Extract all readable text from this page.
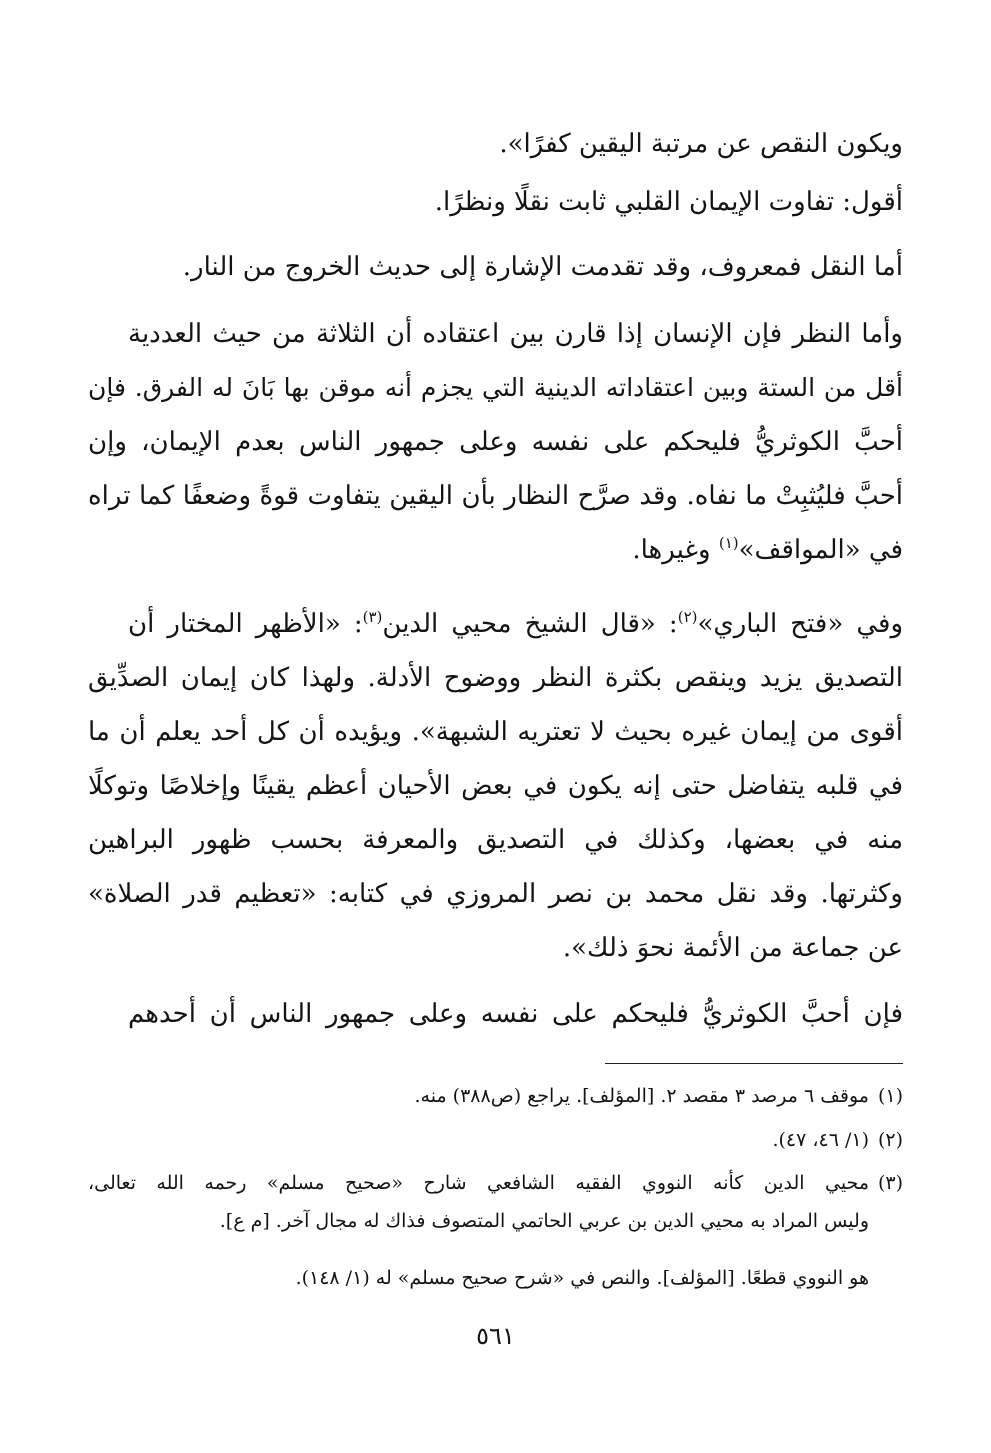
ويكون النقص عن مرتبة اليقين كفرًا».

أقول: تفاوت الإيمان القلبي ثابت نقلًا ونظرًا.

أما النقل فمعروف، وقد تقدمت الإشارة إلى حديث الخروج من النار.

وأما النظر فإن الإنسان إذا قارن بين اعتقاده أن الثلاثة من حيث العددية

أقل من الستة وبين اعتقاداته الدينية التي يجزم أنه موقن بها بَانَ له الفرق. فإن

أحبَّ الكوثريُّ فليحكم على نفسه وعلى جمهور الناس بعدم الإيمان، وإن

أحبَّ فليُثبِتْ ما نفاه. وقد صرَّح النظار بأن اليقين يتفاوت قوةً وضعفًا كما تراه

في «المواقف»$^{(١)}$ وغيرها.

وفي «فتح الباري»$^{(٢)}$: «قال الشيخ محيي الدين$^{(٣)}$: «الأظهر المختار أن

التصديق يزيد وينقص بكثرة النظر ووضوح الأدلة. ولهذا كان إيمان الصدِّيق

أقوى من إيمان غيره بحيث لا تعتريه الشبهة». ويؤيده أن كل أحد يعلم أن ما

في قلبه يتفاضل حتى إنه يكون في بعض الأحيان أعظم يقينًا وإخلاصًا وتوكلًا

منه في بعضها، وكذلك في التصديق والمعرفة بحسب ظهور البراهين

وكثرتها. وقد نقل محمد بن نصر المروزي في كتابه: «تعظيم قدر الصلاة»

عن جماعة من الأئمة نحوَ ذلك».

فإن أحبَّ الكوثريُّ فليحكم على نفسه وعلى جمهور الناس أن أحدهم

(١)موقف ٦ مرصد ٣ مقصد ٢. [المؤلف]. يراجع (ص٣٨٨) منه.

(٢)(١/ ٤٦، ٤٧).

(٣)محيي الدين كأنه النووي الفقيه الشافعي شارح «صحيح مسلم» رحمه الله تعالى،

وليس المراد به محيي الدين بن عربي الحاتمي المتصوف فذاك له مجال آخر. [م ع].

هو النووي قطعًا. [المؤلف]. والنص في «شرح صحيح مسلم» له (١/ ١٤٨).

٥٦١
